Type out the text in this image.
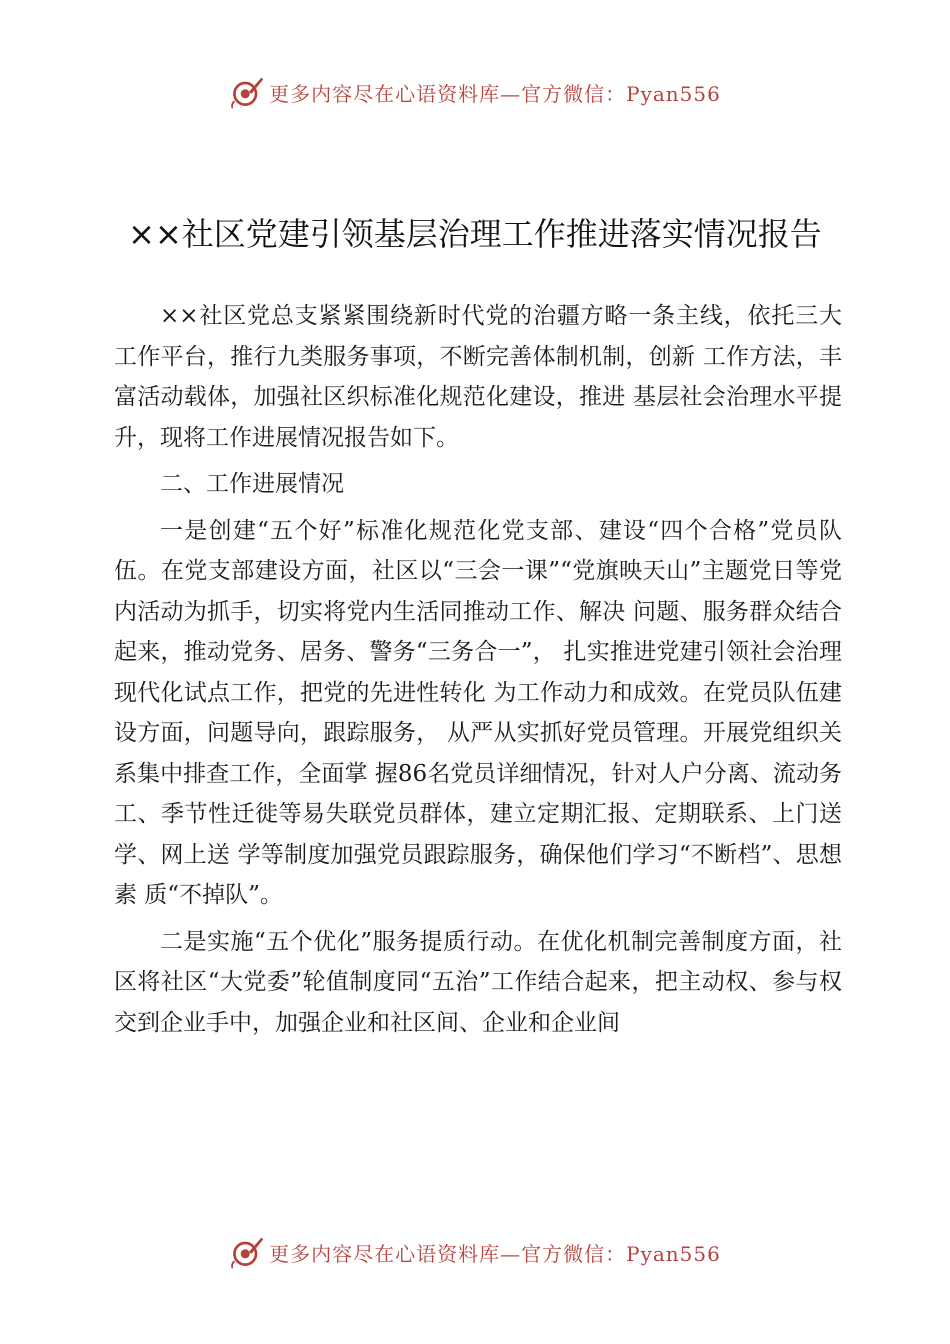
更多内容尽在心语资料库—官方微信：Pyan556
××社区党建引领基层治理工作推进落实情况报告

××社区党总支紧紧围绕新时代党的治疆方略一条主线，依托三大工作平台，推行九类服务事项，不断完善体制机制，创新 工作方法，丰富活动载体，加强社区织标准化规范化建设，推进 基层社会治理水平提升，现将工作进展情况报告如下。

二、工作进展情况

一是创建“五个好”标准化规范化党支部、建设“四个合格”党员队伍。在党支部建设方面，社区以“三会一课”“党旗映天山”主题党日等党内活动为抓手，切实将党内生活同推动工作、解决 问题、服务群众结合起来，推动党务、居务、警务“三务合一”， 扎实推进党建引领社会治理现代化试点工作，把党的先进性转化 为工作动力和成效。在党员队伍建设方面，问题导向，跟踪服务， 从严从实抓好党员管理。开展党组织关系集中排查工作，全面掌 握86名党员详细情况，针对人户分离、流动务工、季节性迁徙等易失联党员群体，建立定期汇报、定期联系、上门送学、网上送 学等制度加强党员跟踪服务，确保他们学习“不断档”、思想素 质“不掉队”。

二是实施“五个优化”服务提质行动。在优化机制完善制度方面，社区将社区“大党委”轮值制度同“五治”工作结合起来，把主动权、参与权交到企业手中，加强企业和社区间、企业和企业间

更多内容尽在心语资料库—官方微信：Pyan556
